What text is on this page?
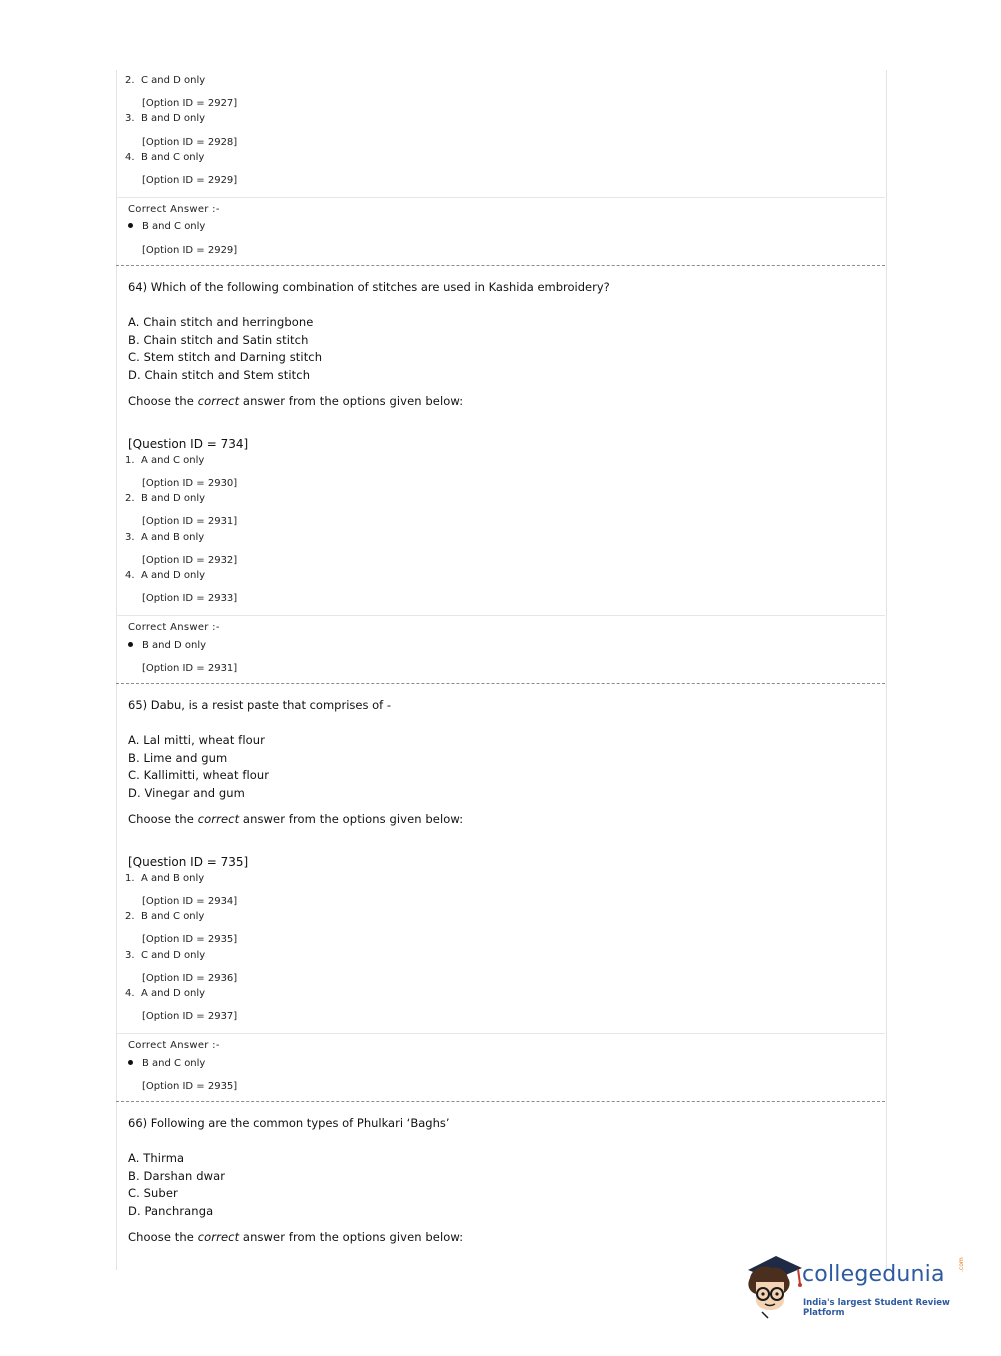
2. C and D only
[Option ID = 2927]
3. B and D only
[Option ID = 2928]
4. B and C only
[Option ID = 2929]
Correct Answer :-
B and C only
[Option ID = 2929]
64) Which of the following combination of stitches are used in Kashida embroidery?
A. Chain stitch and herringbone
B. Chain stitch and Satin stitch
C. Stem stitch and Darning stitch
D. Chain stitch and Stem stitch
Choose the correct answer from the options given below:
[Question ID = 734]
1. A and C only
[Option ID = 2930]
2. B and D only
[Option ID = 2931]
3. A and B only
[Option ID = 2932]
4. A and D only
[Option ID = 2933]
Correct Answer :-
B and D only
[Option ID = 2931]
65) Dabu, is a resist paste that comprises of -
A. Lal mitti, wheat flour
B. Lime and gum
C. Kallimitti, wheat flour
D. Vinegar and gum
Choose the correct answer from the options given below:
[Question ID = 735]
1. A and B only
[Option ID = 2934]
2. B and C only
[Option ID = 2935]
3. C and D only
[Option ID = 2936]
4. A and D only
[Option ID = 2937]
Correct Answer :-
B and C only
[Option ID = 2935]
66) Following are the common types of Phulkari ‘Baghs’
A. Thirma
B. Darshan dwar
C. Suber
D. Panchranga
Choose the correct answer from the options given below:
collegedunia .com
India's largest Student Review Platform
